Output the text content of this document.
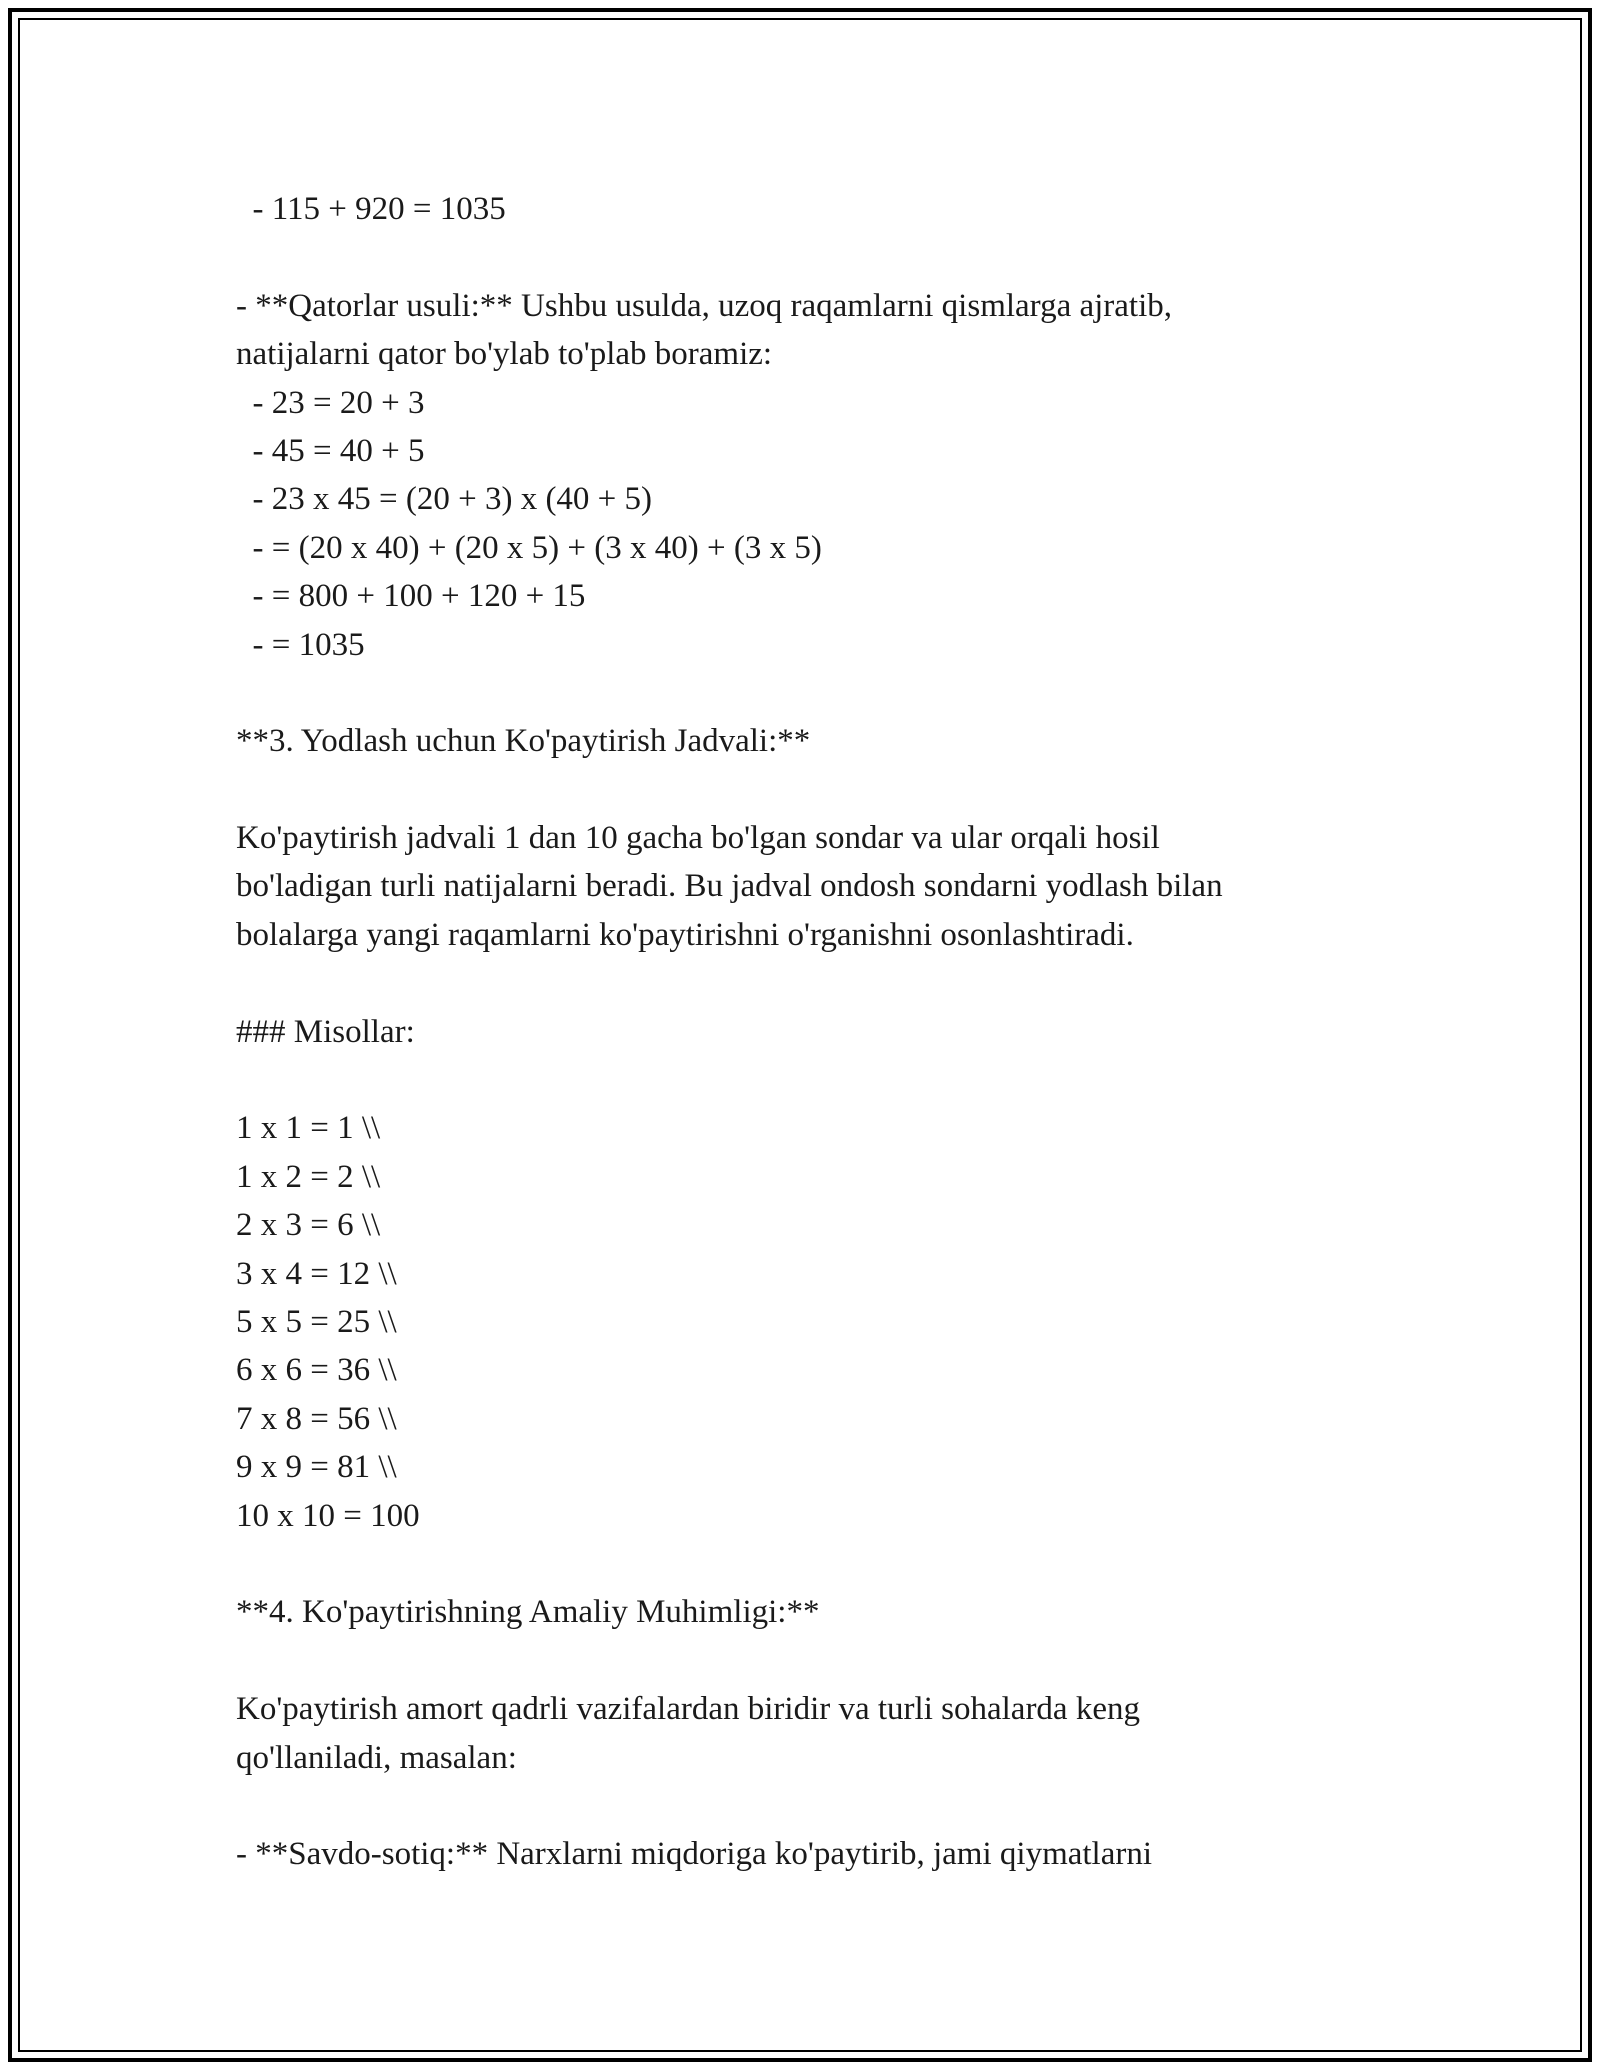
- 115 + 920 = 1035
- **Qatorlar usuli:** Ushbu usulda, uzoq raqamlarni qismlarga ajratib,
natijalarni qator bo'ylab to'plab boramiz:
- 23 = 20 + 3
- 45 = 40 + 5
- 23 x 45 = (20 + 3) x (40 + 5)
- = (20 x 40) + (20 x 5) + (3 x 40) + (3 x 5)
- = 800 + 100 + 120 + 15
- = 1035
**3. Yodlash uchun Ko'paytirish Jadvali:**
Ko'paytirish jadvali 1 dan 10 gacha bo'lgan sondar va ular orqali hosil
bo'ladigan turli natijalarni beradi. Bu jadval ondosh sondarni yodlash bilan
bolalarga yangi raqamlarni ko'paytirishni o'rganishni osonlashtiradi.
### Misollar:
1 x 1 = 1 \\
1 x 2 = 2 \\
2 x 3 = 6 \\
3 x 4 = 12 \\
5 x 5 = 25 \\
6 x 6 = 36 \\
7 x 8 = 56 \\
9 x 9 = 81 \\
10 x 10 = 100
**4. Ko'paytirishning Amaliy Muhimligi:**
Ko'paytirish amort qadrli vazifalardan biridir va turli sohalarda keng
qo'llaniladi, masalan:
- **Savdo-sotiq:** Narxlarni miqdoriga ko'paytirib, jami qiymatlarni
